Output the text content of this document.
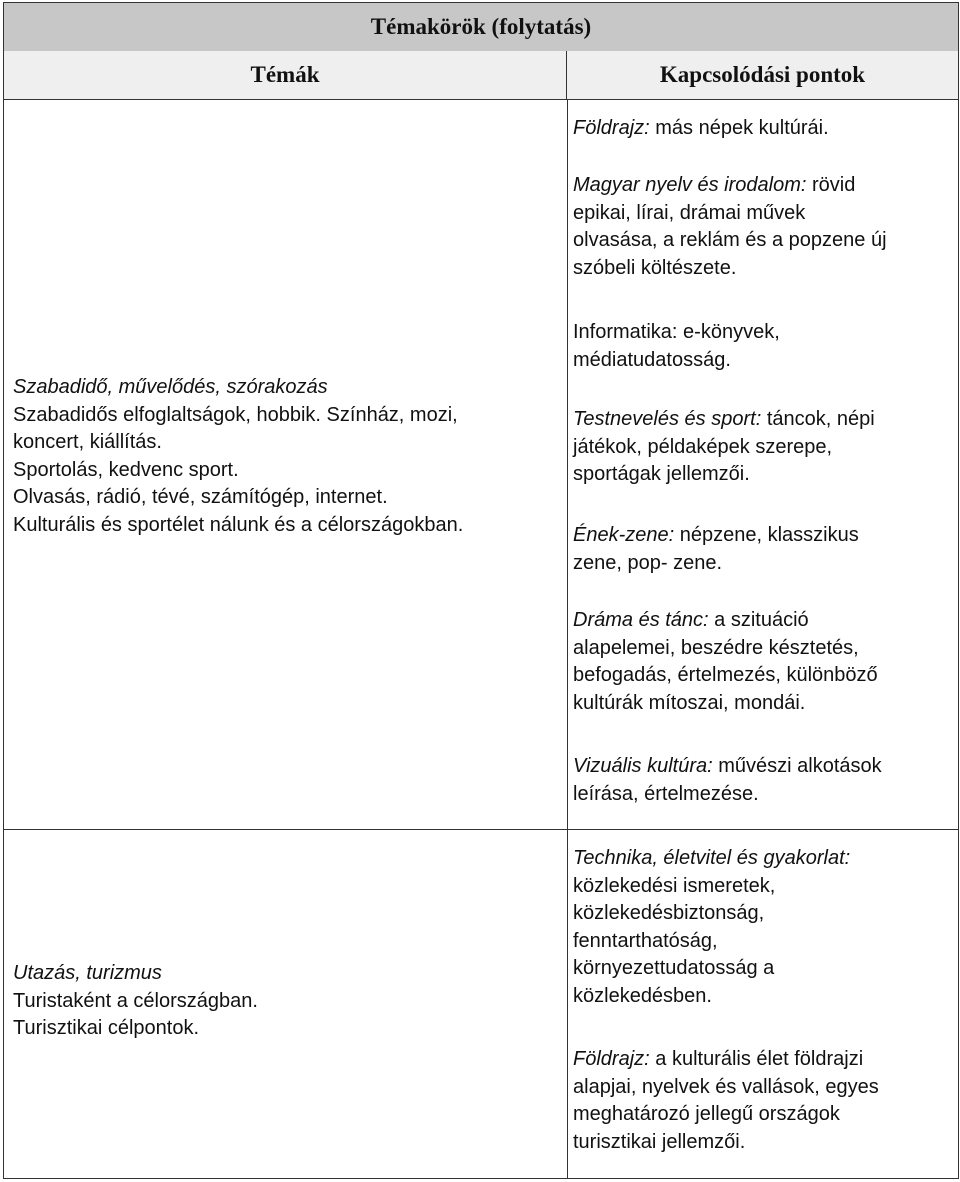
Témakörök (folytatás)
Témák	Kapcsolódási pontok
Szabadidő, művelődés, szórakozás
Szabadidős elfoglaltságok, hobbik. Színház, mozi,
koncert, kiállítás.
Sportolás, kedvenc sport.
Olvasás, rádió, tévé, számítógép, internet.
Kulturális és sportélet nálunk és a célországokban.
Földrajz: más népek kultúrái.
Magyar nyelv és irodalom: rövid
epikai, lírai, drámai művek
olvasása, a reklám és a popzene új
szóbeli költészete.
Informatika: e-könyvek,
médiatudatosság.
Testnevelés és sport: táncok, népi
játékok, példaképek szerepe,
sportágak jellemzői.
Ének-zene: népzene, klasszikus
zene, pop- zene.
Dráma és tánc: a szituáció
alapelemei, beszédre késztetés,
befogadás, értelmezés, különböző
kultúrák mítoszai, mondái.
Vizuális kultúra: művészi alkotások
leírása, értelmezése.
Utazás, turizmus
Turistaként a célországban.
Turisztikai célpontok.
Technika, életvitel és gyakorlat:
közlekedési ismeretek,
közlekedésbiztonság,
fenntarthatóság,
környezettudatosság a
közlekedésben.
Földrajz: a kulturális élet földrajzi
alapjai, nyelvek és vallások, egyes
meghatározó jellegű országok
turisztikai jellemzői.
